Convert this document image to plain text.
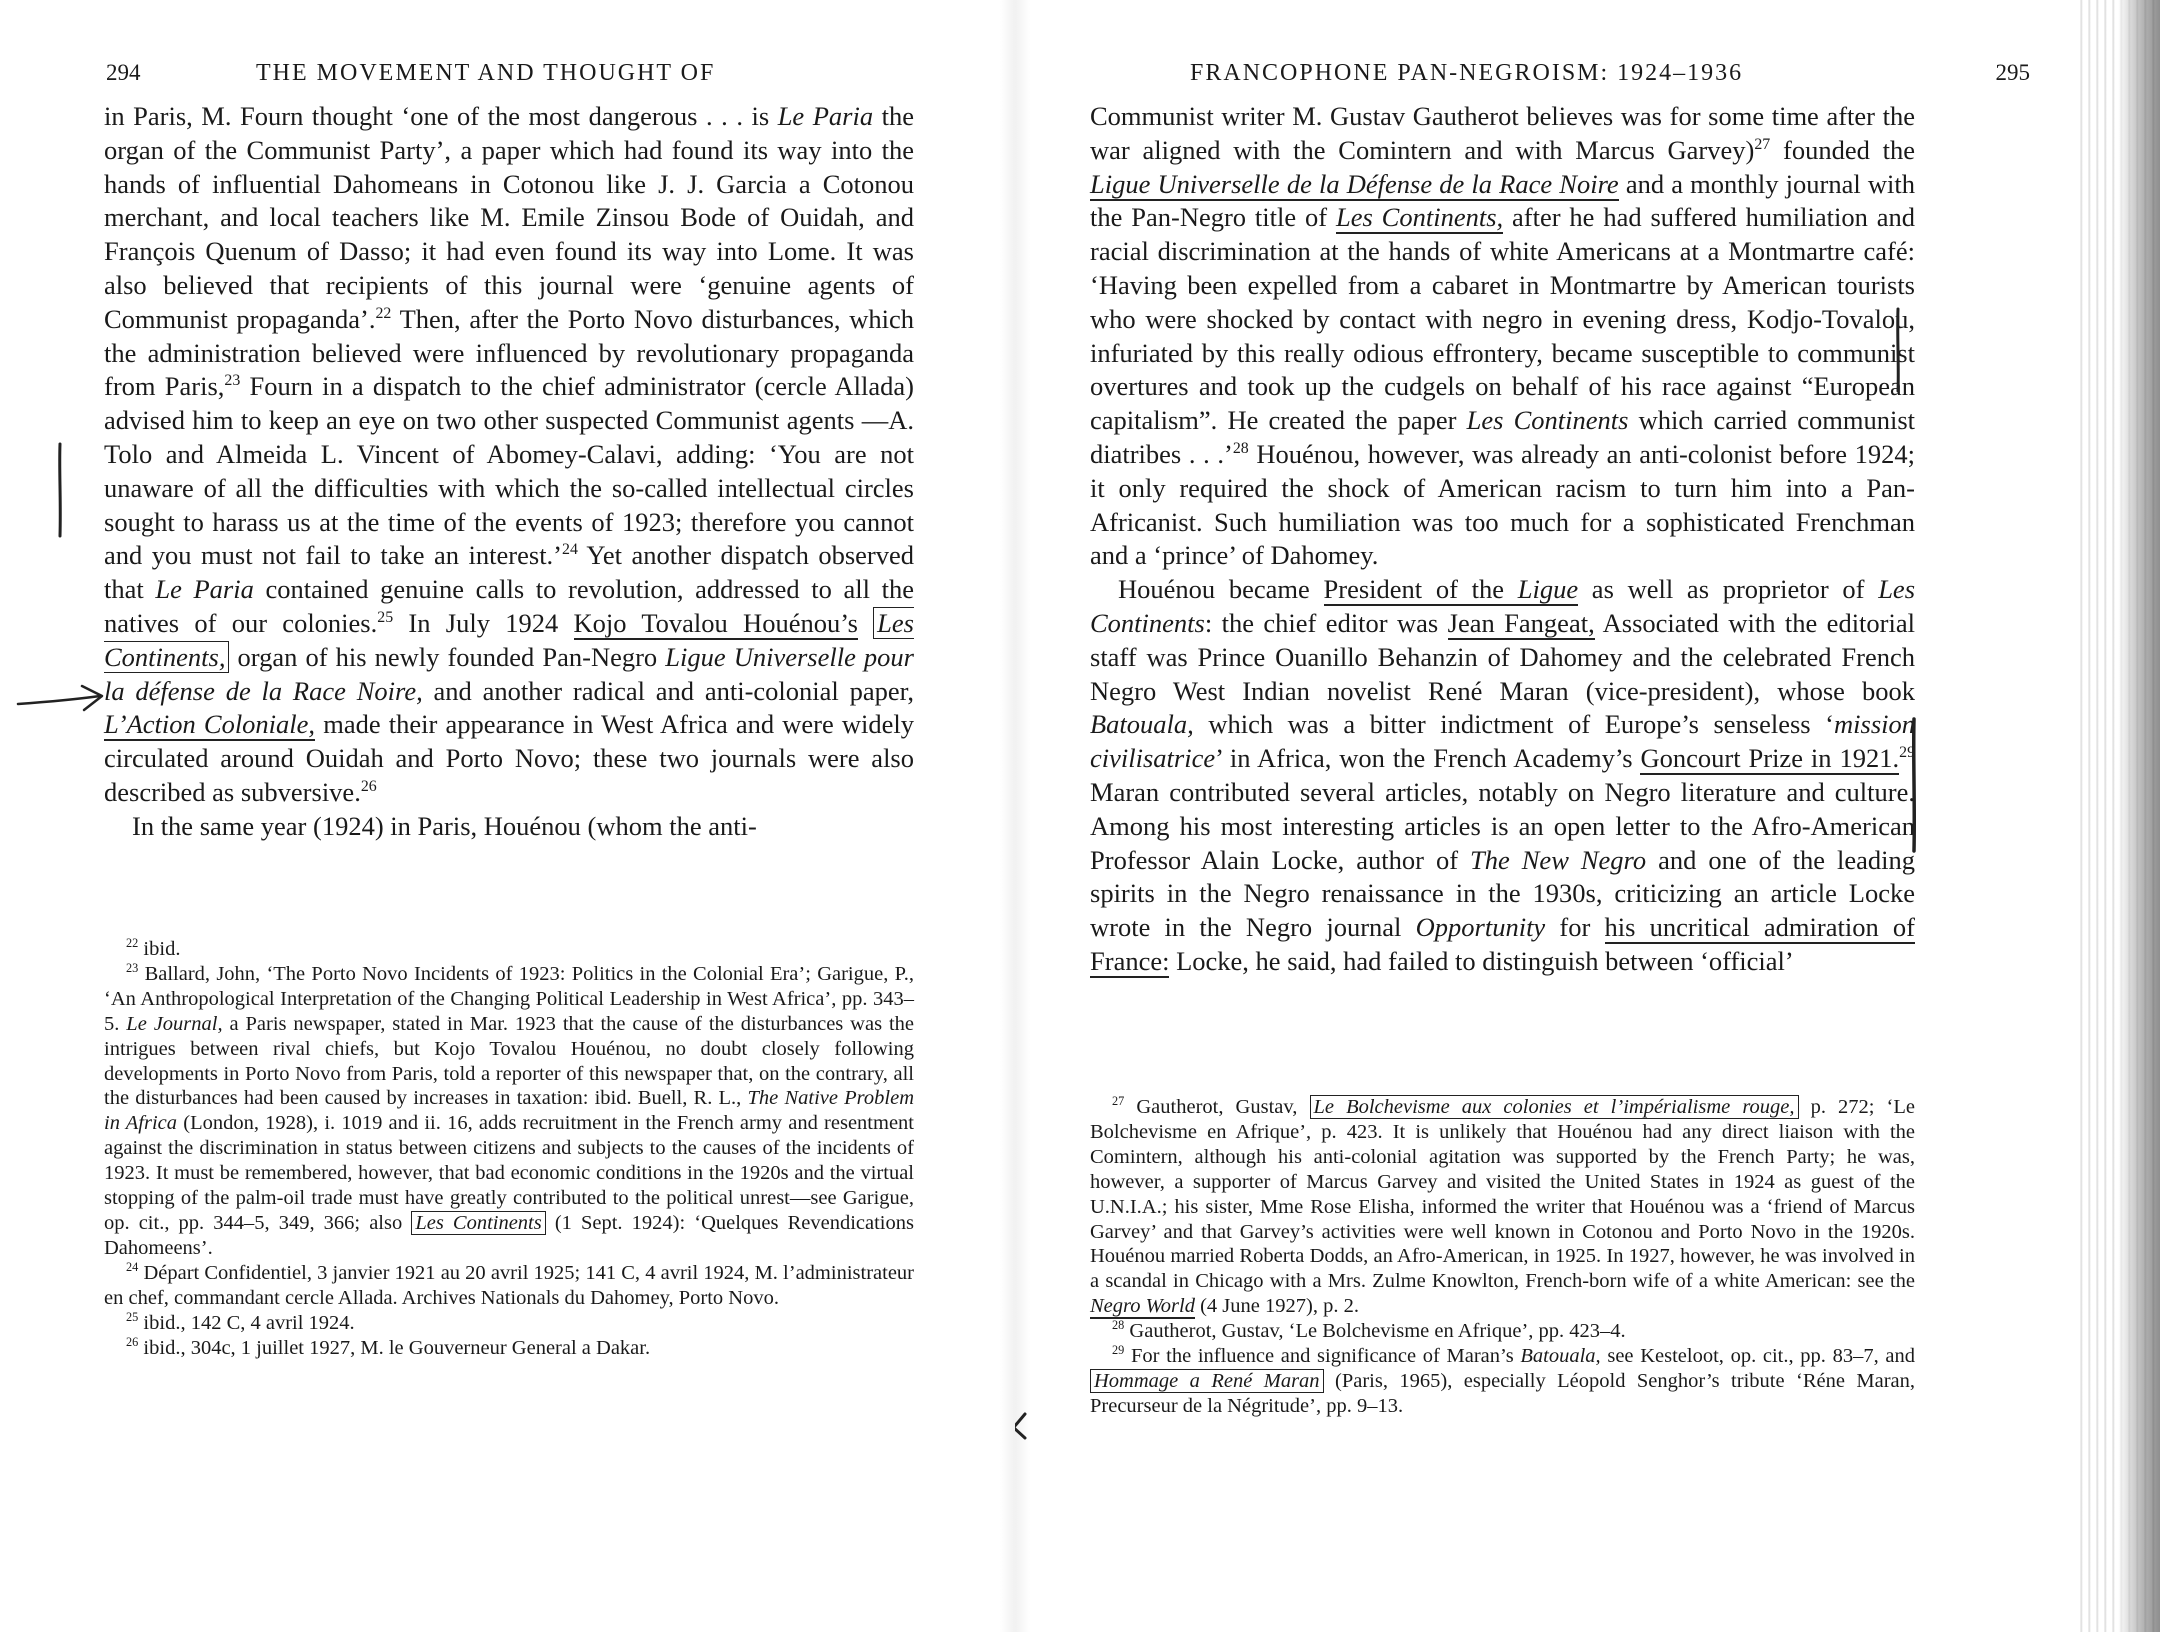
294	THE MOVEMENT AND THOUGHT OF

in Paris, M. Fourn thought ‘one of the most dangerous . . . is Le Paria the organ of the Communist Party’, a paper which had found its way into the hands of influential Dahomeans in Cotonou like J. J. Garcia a Cotonou merchant, and local teachers like M. Emile Zinsou Bode of Ouidah, and François Quenum of Dasso; it had even found its way into Lome. It was also believed that recipients of this journal were ‘genuine agents of Communist propaganda’.$^{22}$ Then, after the Porto Novo disturbances, which the administration believed were influenced by revolutionary propaganda from Paris,$^{23}$ Fourn in a dispatch to the chief administrator (cercle Allada) advised him to keep an eye on two other suspected Communist agents —A. Tolo and Almeida L. Vincent of Abomey-Calavi, adding: ‘You are not unaware of all the difficulties with which the so-called intellectual circles sought to harass us at the time of the events of 1923; therefore you cannot and you must not fail to take an interest.’$^{24}$ Yet another dispatch observed that Le Paria contained genuine calls to revolution, addressed to all the natives of our colonies.$^{25}$ In July 1924 Kojo Tovalou Houénou’s Les Continents, organ of his newly founded Pan-Negro Ligue Universelle pour la défense de la Race Noire, and another radical and anti-colonial paper, L’Action Coloniale, made their appearance in West Africa and were widely circulated around Ouidah and Porto Novo; these two journals were also described as subversive.$^{26}$

In the same year (1924) in Paris, Houénou (whom the anti-

$^{22}$ ibid.

$^{23}$ Ballard, John, ‘The Porto Novo Incidents of 1923: Politics in the Colonial Era’; Garigue, P., ‘An Anthropological Interpretation of the Changing Political Leadership in West Africa’, pp. 343–5. Le Journal, a Paris newspaper, stated in Mar. 1923 that the cause of the disturbances was the intrigues between rival chiefs, but Kojo Tovalou Houénou, no doubt closely following developments in Porto Novo from Paris, told a reporter of this newspaper that, on the contrary, all the disturbances had been caused by increases in taxation: ibid. Buell, R. L., The Native Problem in Africa (London, 1928), i. 1019 and ii. 16, adds recruitment in the French army and resentment against the discrimination in status between citizens and subjects to the causes of the incidents of 1923. It must be remembered, however, that bad economic conditions in the 1920s and the virtual stopping of the palm-oil trade must have greatly contributed to the political unrest—see Garigue, op. cit., pp. 344–5, 349, 366; also Les Continents (1 Sept. 1924): ‘Quelques Revendications Dahomeens’.

$^{24}$ Départ Confidentiel, 3 janvier 1921 au 20 avril 1925; 141 C, 4 avril 1924, M. l’administrateur en chef, commandant cercle Allada. Archives Nationals du Dahomey, Porto Novo.

$^{25}$ ibid., 142 C, 4 avril 1924.

$^{26}$ ibid., 304c, 1 juillet 1927, M. le Gouverneur General a Dakar.

FRANCOPHONE PAN-NEGROISM: 1924–1936	295

Communist writer M. Gustav Gautherot believes was for some time after the war aligned with the Comintern and with Marcus Garvey)$^{27}$ founded the Ligue Universelle de la Défense de la Race Noire and a monthly journal with the Pan-Negro title of Les Continents, after he had suffered humiliation and racial discrimination at the hands of white Americans at a Montmartre café: ‘Having been expelled from a cabaret in Montmartre by American tourists who were shocked by contact with negro in evening dress, Kodjo-Tovalou, infuriated by this really odious effrontery, became susceptible to communist overtures and took up the cudgels on behalf of his race against “European capitalism”. He created the paper Les Continents which carried communist diatribes . . .’$^{28}$ Houénou, however, was already an anti-colonist before 1924; it only required the shock of American racism to turn him into a Pan-Africanist. Such humiliation was too much for a sophisticated Frenchman and a ‘prince’ of Dahomey.

Houénou became President of the Ligue as well as proprietor of Les Continents: the chief editor was Jean Fangeat, Associated with the editorial staff was Prince Ouanillo Behanzin of Dahomey and the celebrated French Negro West Indian novelist René Maran (vice-president), whose book Batouala, which was a bitter indictment of Europe’s senseless ‘mission civilisatrice’ in Africa, won the French Academy’s Goncourt Prize in 1921.29 Maran contributed several articles, notably on Negro literature and culture. Among his most interesting articles is an open letter to the Afro-American Professor Alain Locke, author of The New Negro and one of the leading spirits in the Negro renaissance in the 1930s, criticizing an article Locke wrote in the Negro journal Opportunity for his uncritical admiration of France: Locke, he said, had failed to distinguish between ‘official’

$^{27}$ Gautherot, Gustav, Le Bolchevisme aux colonies et l’impérialisme rouge, p. 272; ‘Le Bolchevisme en Afrique’, p. 423. It is unlikely that Houénou had any direct liaison with the Comintern, although his anti-colonial agitation was supported by the French Party; he was, however, a supporter of Marcus Garvey and visited the United States in 1924 as guest of the U.N.I.A.; his sister, Mme Rose Elisha, informed the writer that Houénou was a ‘friend of Marcus Garvey’ and that Garvey’s activities were well known in Cotonou and Porto Novo in the 1920s. Houénou married Roberta Dodds, an Afro-American, in 1925. In 1927, however, he was involved in a scandal in Chicago with a Mrs. Zulme Knowlton, French-born wife of a white American: see the Negro World (4 June 1927), p. 2.

$^{28}$ Gautherot, Gustav, ‘Le Bolchevisme en Afrique’, pp. 423–4.

$^{29}$ For the influence and significance of Maran’s Batouala, see Kesteloot, op. cit., pp. 83–7, and Hommage a René Maran (Paris, 1965), especially Léopold Senghor’s tribute ‘Réne Maran, Precurseur de la Négritude’, pp. 9–13.
